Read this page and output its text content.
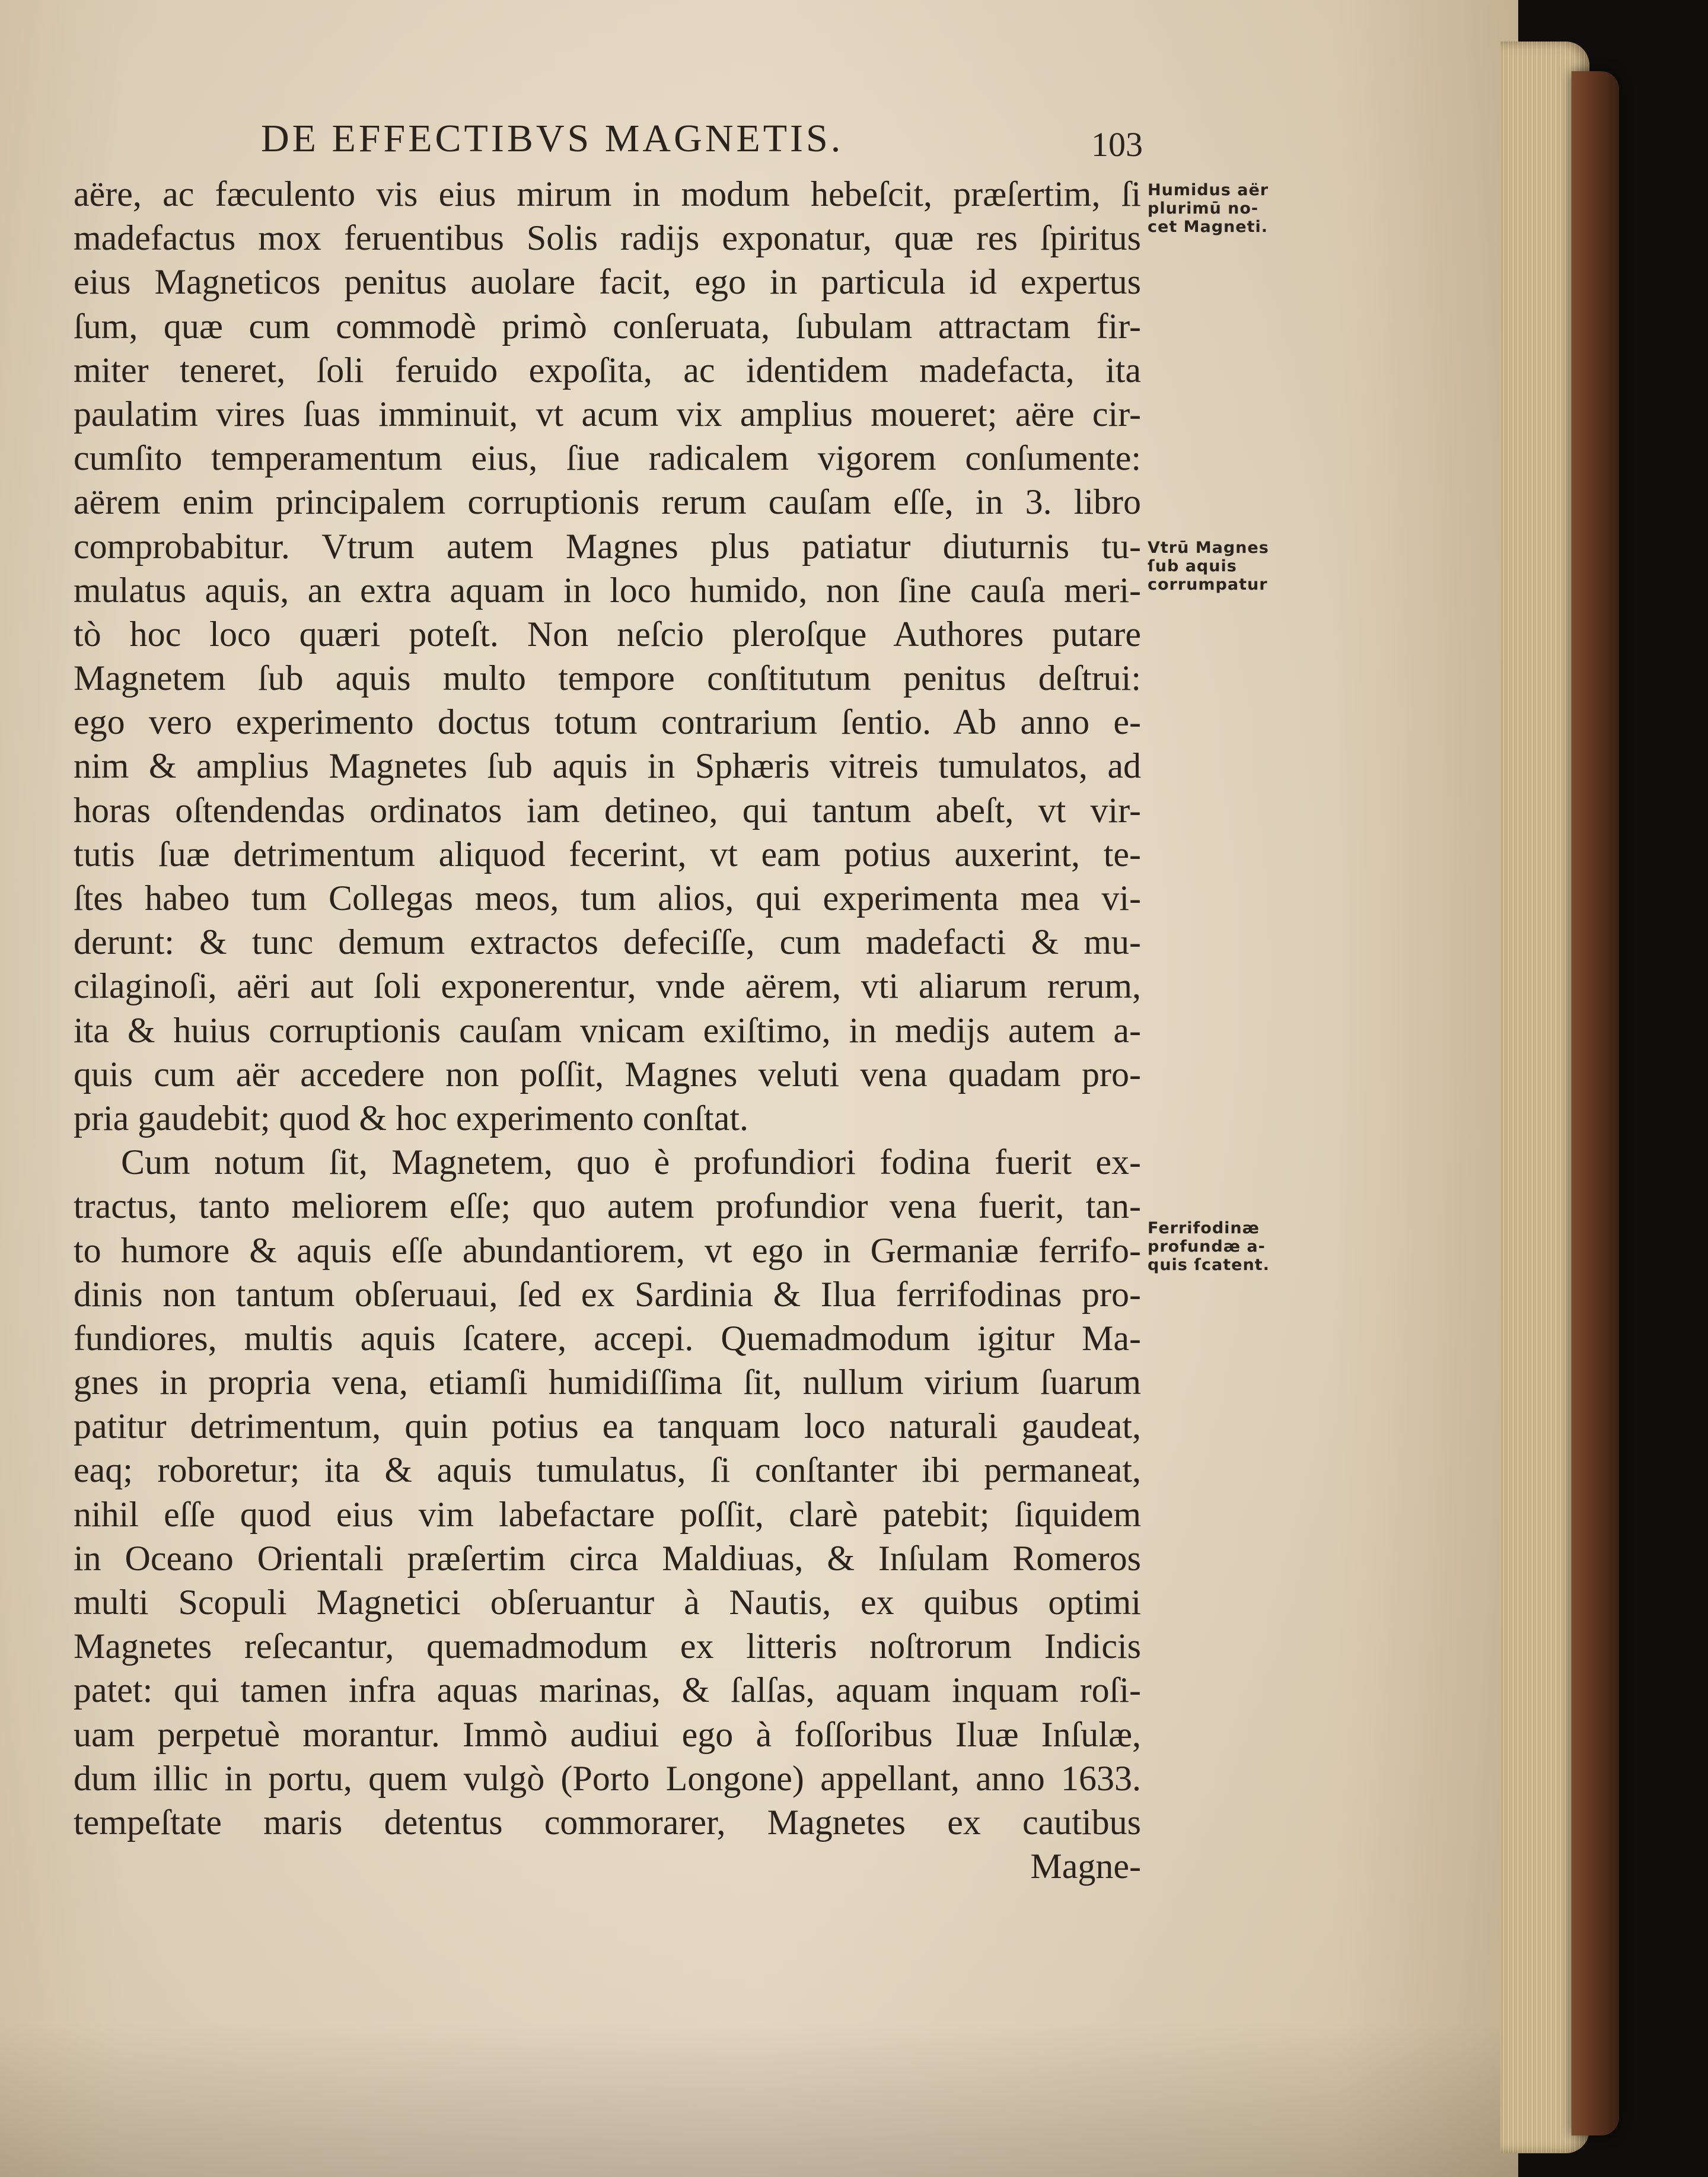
DE EFFECTIBVS MAGNETIS.	103
aëre, ac fæculento vis eius mirum in modum hebeſcit, præſertim, ſi
madefactus mox feruentibus Solis radijs exponatur, quæ res ſpiritus
eius Magneticos penitus auolare facit, ego in particula id expertus
ſum, quæ cum commodè primò conſeruata, ſubulam attractam fir-
miter teneret, ſoli feruido expoſita, ac identidem madefacta, ita
paulatim vires ſuas imminuit, vt acum vix amplius moueret; aëre cir-
cumſito temperamentum eius, ſiue radicalem vigorem conſumente:
aërem enim principalem corruptionis rerum cauſam eſſe, in 3. libro
comprobabitur. Vtrum autem Magnes plus patiatur diuturnis tu-
mulatus aquis, an extra aquam in loco humido, non ſine cauſa meri-
tò hoc loco quæri poteſt. Non neſcio pleroſque Authores putare
Magnetem ſub aquis multo tempore conſtitutum penitus deſtrui:
ego vero experimento doctus totum contrarium ſentio. Ab anno e-
nim & amplius Magnetes ſub aquis in Sphæris vitreis tumulatos, ad
horas oſtendendas ordinatos iam detineo, qui tantum abeſt, vt vir-
tutis ſuæ detrimentum aliquod fecerint, vt eam potius auxerint, te-
ſtes habeo tum Collegas meos, tum alios, qui experimenta mea vi-
derunt: & tunc demum extractos defeciſſe, cum madefacti & mu-
cilaginoſi, aëri aut ſoli exponerentur, vnde aërem, vti aliarum rerum,
ita & huius corruptionis cauſam vnicam exiſtimo, in medijs autem a-
quis cum aër accedere non poſſit, Magnes veluti vena quadam pro-
pria gaudebit; quod & hoc experimento conſtat.
Cum notum ſit, Magnetem, quo è profundiori fodina fuerit ex-
tractus, tanto meliorem eſſe; quo autem profundior vena fuerit, tan-
to humore & aquis eſſe abundantiorem, vt ego in Germaniæ ferrifo-
dinis non tantum obſeruaui, ſed ex Sardinia & Ilua ferrifodinas pro-
fundiores, multis aquis ſcatere, accepi. Quemadmodum igitur Ma-
gnes in propria vena, etiamſi humidiſſima ſit, nullum virium ſuarum
patitur detrimentum, quin potius ea tanquam loco naturali gaudeat,
eaq; roboretur; ita & aquis tumulatus, ſi conſtanter ibi permaneat,
nihil eſſe quod eius vim labefactare poſſit, clarè patebit; ſiquidem
in Oceano Orientali præſertim circa Maldiuas, & Inſulam Romeros
multi Scopuli Magnetici obſeruantur à Nautis, ex quibus optimi
Magnetes reſecantur, quemadmodum ex litteris noſtrorum Indicis
patet: qui tamen infra aquas marinas, & ſalſas, aquam inquam roſi-
uam perpetuè morantur. Immò audiui ego à foſſoribus Iluæ Inſulæ,
dum illic in portu, quem vulgò (Porto Longone) appellant, anno 1633.
tempeſtate maris detentus commorarer, Magnetes ex cautibus
Magne-
Humidus aër
plurimū no-
cet Magneti.
Vtrū Magnes
ſub aquis
corrumpatur
Ferrifodinæ
profundæ a-
quis ſcatent.
